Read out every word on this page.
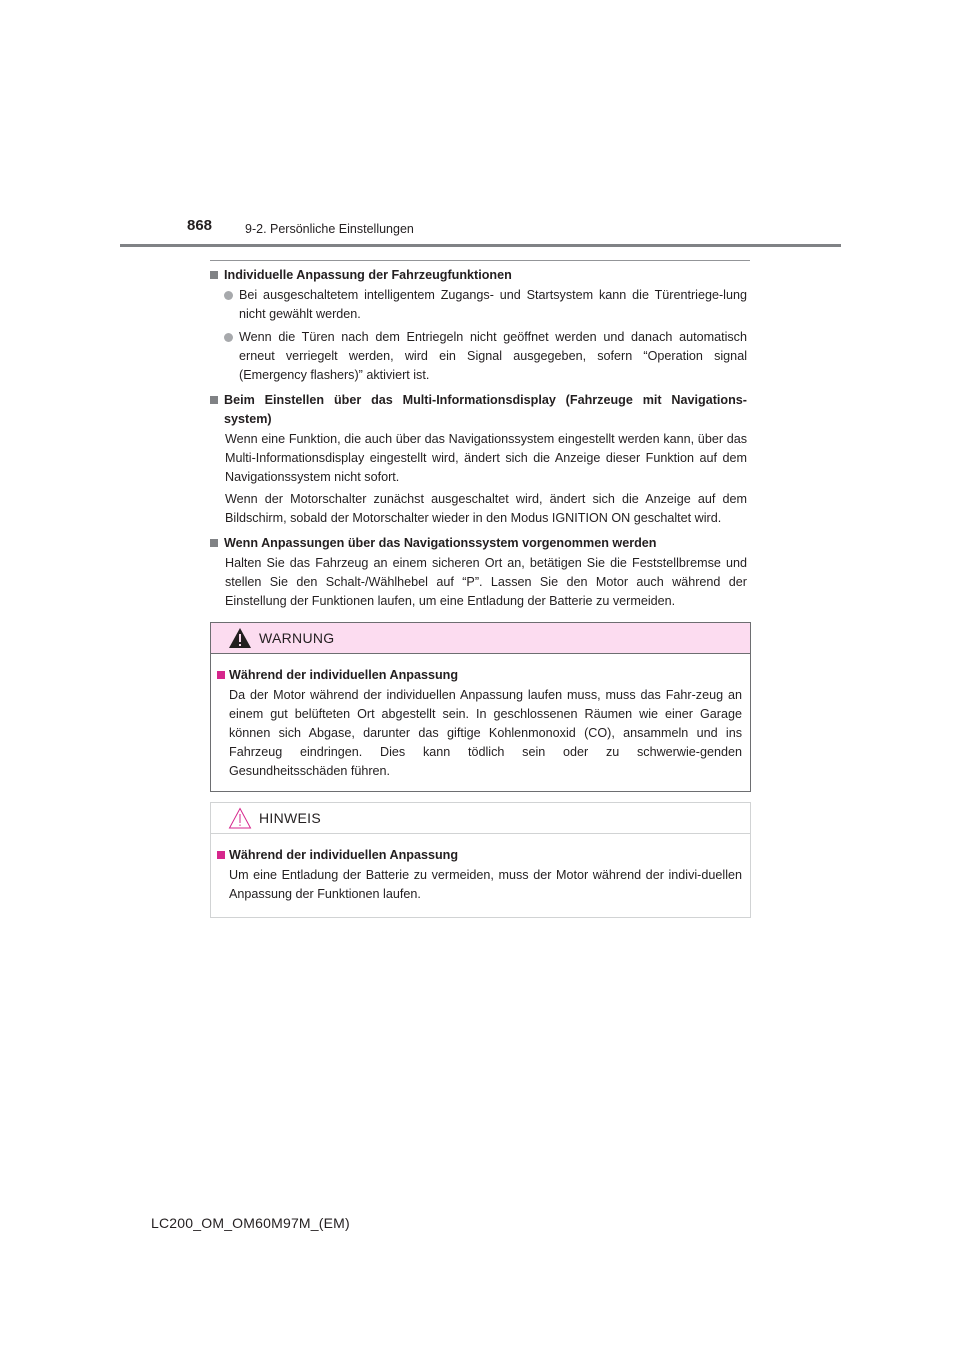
868	9-2. Persönliche Einstellungen
Individuelle Anpassung der Fahrzeugfunktionen
Bei ausgeschaltetem intelligentem Zugangs- und Startsystem kann die Türentriege-lung nicht gewählt werden.
Wenn die Türen nach dem Entriegeln nicht geöffnet werden und danach automatisch erneut verriegelt werden, wird ein Signal ausgegeben, sofern “Operation signal (Emergency flashers)” aktiviert ist.
Beim Einstellen über das Multi-Informationsdisplay (Fahrzeuge mit Navigations-system)
Wenn eine Funktion, die auch über das Navigationssystem eingestellt werden kann, über das Multi-Informationsdisplay eingestellt wird, ändert sich die Anzeige dieser Funktion auf dem Navigationssystem nicht sofort.
Wenn der Motorschalter zunächst ausgeschaltet wird, ändert sich die Anzeige auf dem Bildschirm, sobald der Motorschalter wieder in den Modus IGNITION ON geschaltet wird.
Wenn Anpassungen über das Navigationssystem vorgenommen werden
Halten Sie das Fahrzeug an einem sicheren Ort an, betätigen Sie die Feststellbremse und stellen Sie den Schalt-/Wählhebel auf “P”. Lassen Sie den Motor auch während der Einstellung der Funktionen laufen, um eine Entladung der Batterie zu vermeiden.
WARNUNG
Während der individuellen Anpassung
Da der Motor während der individuellen Anpassung laufen muss, muss das Fahr-zeug an einem gut belüfteten Ort abgestellt sein. In geschlossenen Räumen wie einer Garage können sich Abgase, darunter das giftige Kohlenmonoxid (CO), ansammeln und ins Fahrzeug eindringen. Dies kann tödlich sein oder zu schwerwie-genden Gesundheitsschäden führen.
HINWEIS
Während der individuellen Anpassung
Um eine Entladung der Batterie zu vermeiden, muss der Motor während der indivi-duellen Anpassung der Funktionen laufen.
LC200_OM_OM60M97M_(EM)
